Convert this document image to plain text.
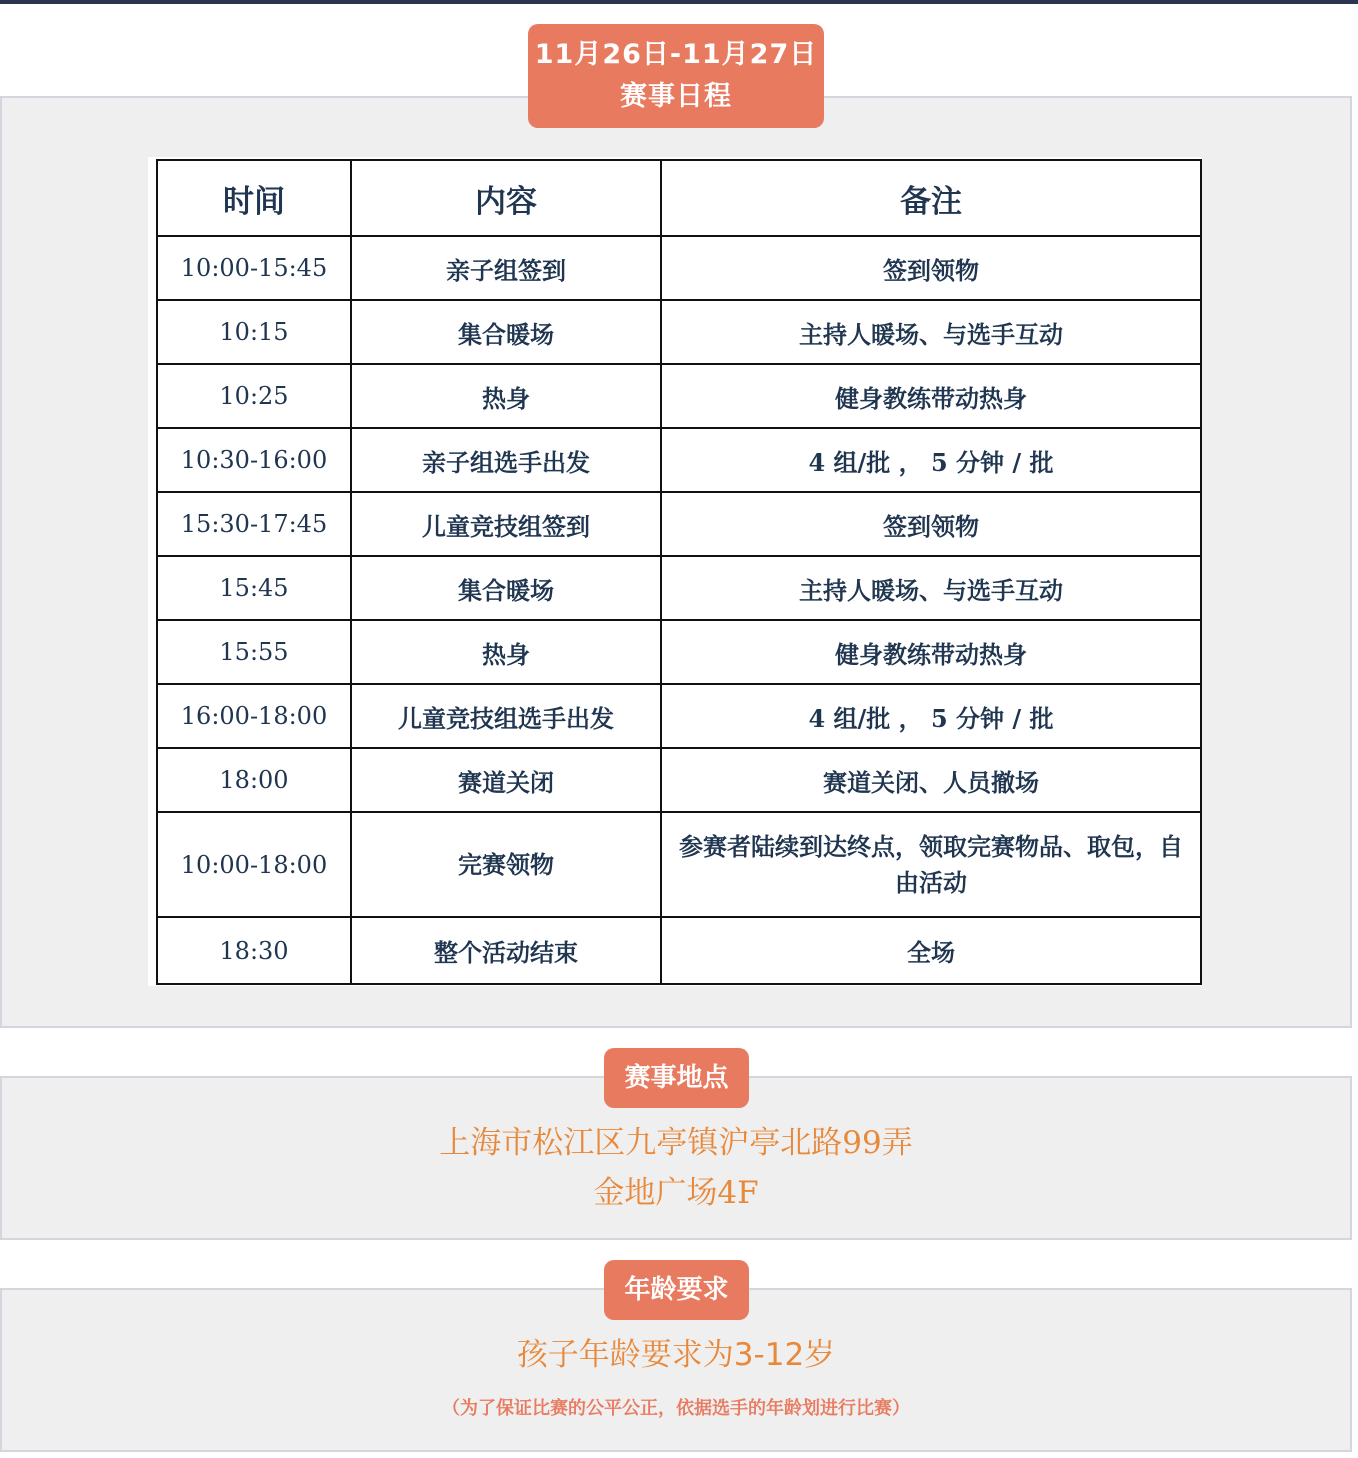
11月26日-11月27日
赛事日程
时间	内容	备注
10:00-15:45	亲子组签到	签到领物
10:15	集合暖场	主持人暖场、与选手互动
10:25	热身	健身教练带动热身
10:30-16:00	亲子组选手出发	4 组/批 ， 5 分钟 / 批
15:30-17:45	儿童竞技组签到	签到领物
15:45	集合暖场	主持人暖场、与选手互动
15:55	热身	健身教练带动热身
16:00-18:00	儿童竞技组选手出发	4 组/批 ， 5 分钟 / 批
18:00	赛道关闭	赛道关闭、人员撤场
10:00-18:00	完赛领物	参赛者陆续到达终点，领取完赛物品、取包，自由活动
18:30	整个活动结束	全场
赛事地点
上海市松江区九亭镇沪亭北路99弄
金地广场4F
年龄要求
孩子年龄要求为3-12岁
（为了保证比赛的公平公正，依据选手的年龄划进行比赛）
